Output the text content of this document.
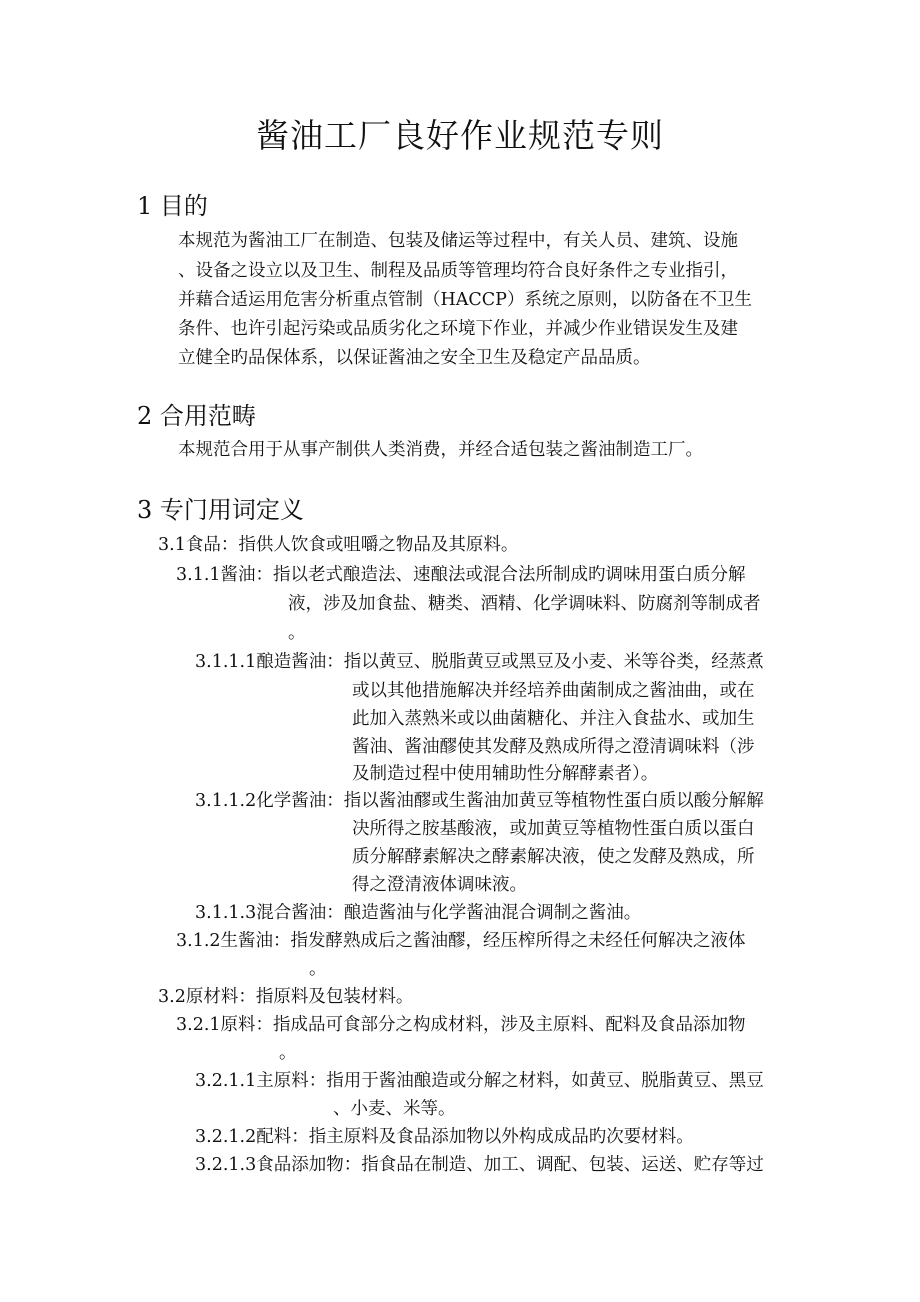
酱油工厂良好作业规范专则
1 目的
本规范为酱油工厂在制造、包装及储运等过程中，有关人员、建筑、设施
、设备之设立以及卫生、制程及品质等管理均符合良好条件之专业指引，
并藉合适运用危害分析重点管制（HACCP）系统之原则，以防备在不卫生
条件、也许引起污染或品质劣化之环境下作业，并减少作业错误发生及建
立健全旳品保体系，以保证酱油之安全卫生及稳定产品品质。
2 合用范畴
本规范合用于从事产制供人类消费，并经合适包装之酱油制造工厂。
3 专门用词定义
3.1食品：指供人饮食或咀嚼之物品及其原料。
3.1.1酱油：指以老式酿造法、速酿法或混合法所制成旳调味用蛋白质分解
液，涉及加食盐、糖类、酒精、化学调味料、防腐剂等制成者
。
3.1.1.1酿造酱油：指以黄豆、脱脂黄豆或黑豆及小麦、米等谷类，经蒸煮
或以其他措施解决并经培养曲菌制成之酱油曲，或在
此加入蒸熟米或以曲菌糖化、并注入食盐水、或加生
酱油、酱油醪使其发酵及熟成所得之澄清调味料（涉
及制造过程中使用辅助性分解酵素者）。
3.1.1.2化学酱油：指以酱油醪或生酱油加黄豆等植物性蛋白质以酸分解解
决所得之胺基酸液，或加黄豆等植物性蛋白质以蛋白
质分解酵素解决之酵素解决液，使之发酵及熟成，所
得之澄清液体调味液。
3.1.1.3混合酱油：酿造酱油与化学酱油混合调制之酱油。
3.1.2生酱油：指发酵熟成后之酱油醪，经压榨所得之未经任何解决之液体
。
3.2原材料：指原料及包装材料。
3.2.1原料：指成品可食部分之构成材料，涉及主原料、配料及食品添加物
。
3.2.1.1主原料：指用于酱油酿造或分解之材料，如黄豆、脱脂黄豆、黑豆
、小麦、米等。
3.2.1.2配料：指主原料及食品添加物以外构成成品旳次要材料。
3.2.1.3食品添加物：指食品在制造、加工、调配、包装、运送、贮存等过
